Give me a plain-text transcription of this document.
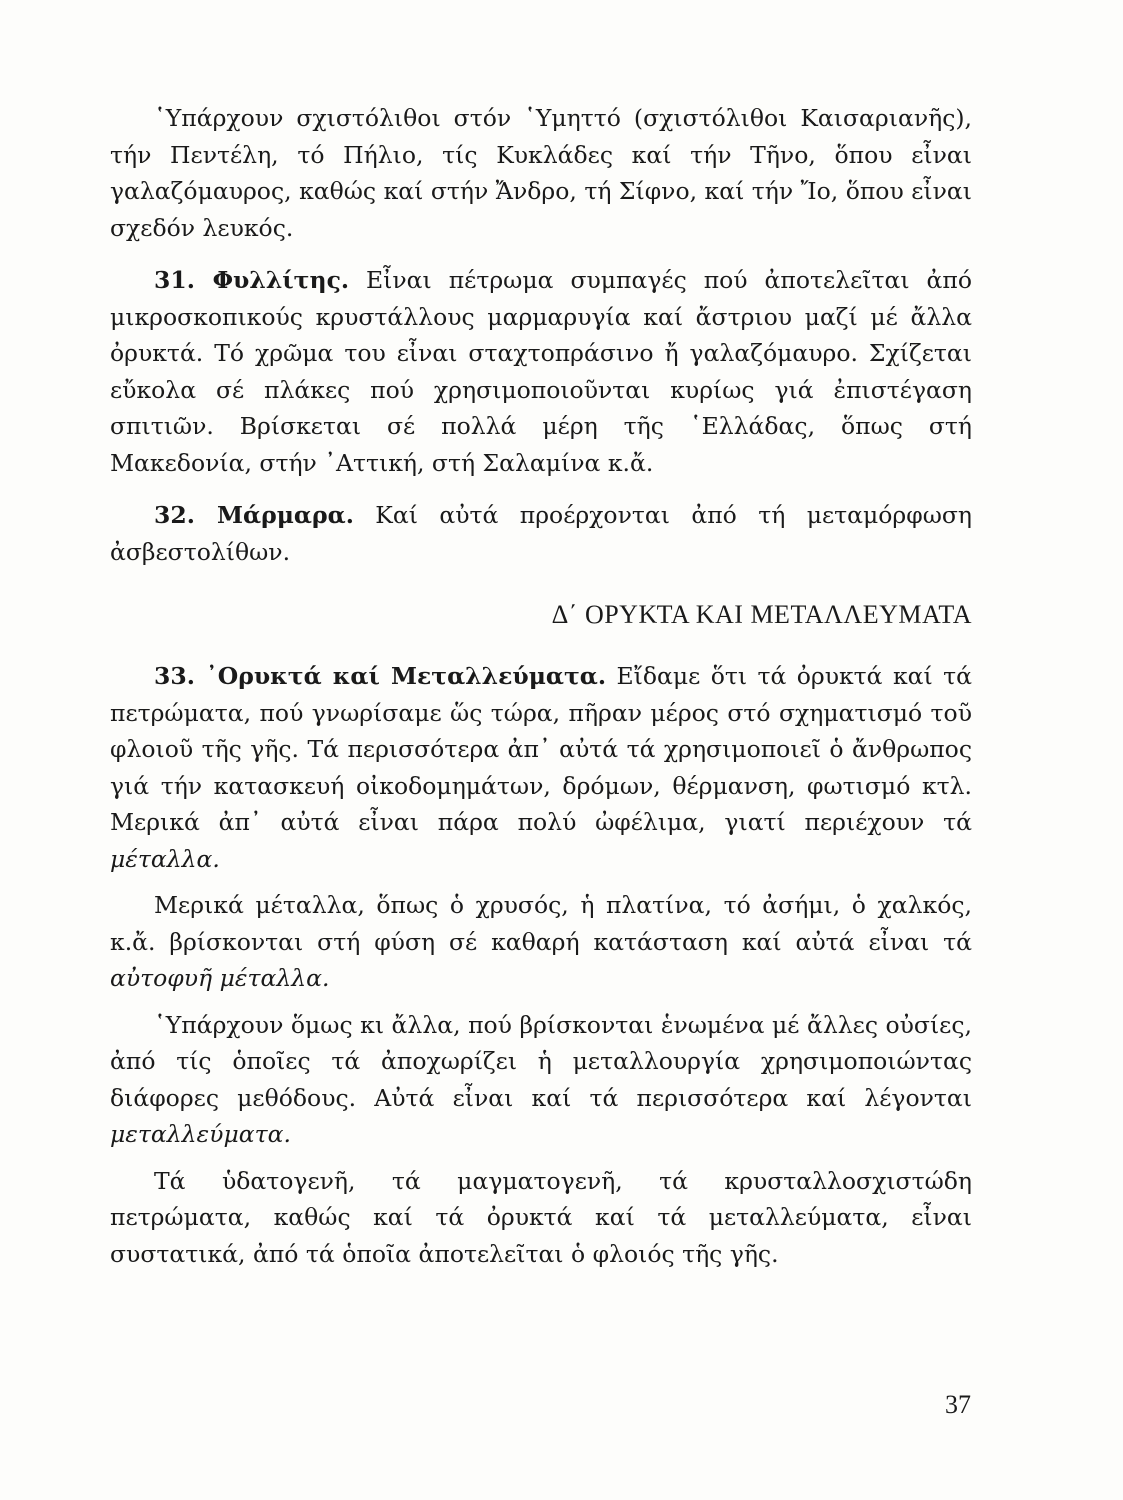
῾Υπάρχουν σχιστόλιθοι στόν ῾Υμηττό (σχιστόλιθοι Καισαριανῆς), τήν Πεντέλη, τό Πήλιο, τίς Κυκλάδες καί τήν Τῆνο, ὅπου εἶναι γαλαζόμαυρος, καθώς καί στήν Ἄνδρο, τή Σίφνο, καί τήν Ἴο, ὅπου εἶναι σχεδόν λευκός.

31. Φυλλίτης. Εἶναι πέτρωμα συμπαγές πού ἀποτελεῖται ἀπό μικροσκοπικούς κρυστάλλους μαρμαρυγία καί ἄστριου μαζί μέ ἄλλα ὀρυκτά. Τό χρῶμα του εἶναι σταχτοπράσινο ἤ γαλαζόμαυρο. Σχίζεται εὔκολα σέ πλάκες πού χρησιμοποιοῦνται κυρίως γιά ἐπιστέγαση σπιτιῶν. Βρίσκεται σέ πολλά μέρη τῆς ῾Ελλάδας, ὅπως στή Μακεδονία, στήν ᾿Αττική, στή Σαλαμίνα κ.ἄ.

32. Μάρμαρα. Καί αὐτά προέρχονται ἀπό τή μεταμόρφωση ἀσβεστολίθων.

Δ΄ ΟΡΥΚΤΑ ΚΑΙ ΜΕΤΑΛΛΕΥΜΑΤΑ

33. ᾿Ορυκτά καί Μεταλλεύματα. Εἴδαμε ὅτι τά ὀρυκτά καί τά πετρώματα, πού γνωρίσαμε ὥς τώρα, πῆραν μέρος στό σχηματισμό τοῦ φλοιοῦ τῆς γῆς. Τά περισσότερα ἀπ᾿ αὐτά τά χρησιμοποιεῖ ὁ ἄνθρωπος γιά τήν κατασκευή οἰκοδομημάτων, δρόμων, θέρμανση, φωτισμό κτλ. Μερικά ἀπ᾿ αὐτά εἶναι πάρα πολύ ὠφέλιμα, γιατί περιέχουν τά μέταλλα.

Μερικά μέταλλα, ὅπως ὁ χρυσός, ἡ πλατίνα, τό ἀσήμι, ὁ χαλκός, κ.ἄ. βρίσκονται στή φύση σέ καθαρή κατάσταση καί αὐτά εἶναι τά αὐτοφυῆ μέταλλα.

῾Υπάρχουν ὅμως κι ἄλλα, πού βρίσκονται ἑνωμένα μέ ἄλλες οὐσίες, ἀπό τίς ὁποῖες τά ἀποχωρίζει ἡ μεταλλουργία χρησιμοποιώντας διάφορες μεθόδους. Αὐτά εἶναι καί τά περισσότερα καί λέγονται μεταλλεύματα.

Τά ὑδατογενῆ, τά μαγματογενῆ, τά κρυσταλλοσχιστώδη πετρώματα, καθώς καί τά ὀρυκτά καί τά μεταλλεύματα, εἶναι συστατικά, ἀπό τά ὁποῖα ἀποτελεῖται ὁ φλοιός τῆς γῆς.

37
